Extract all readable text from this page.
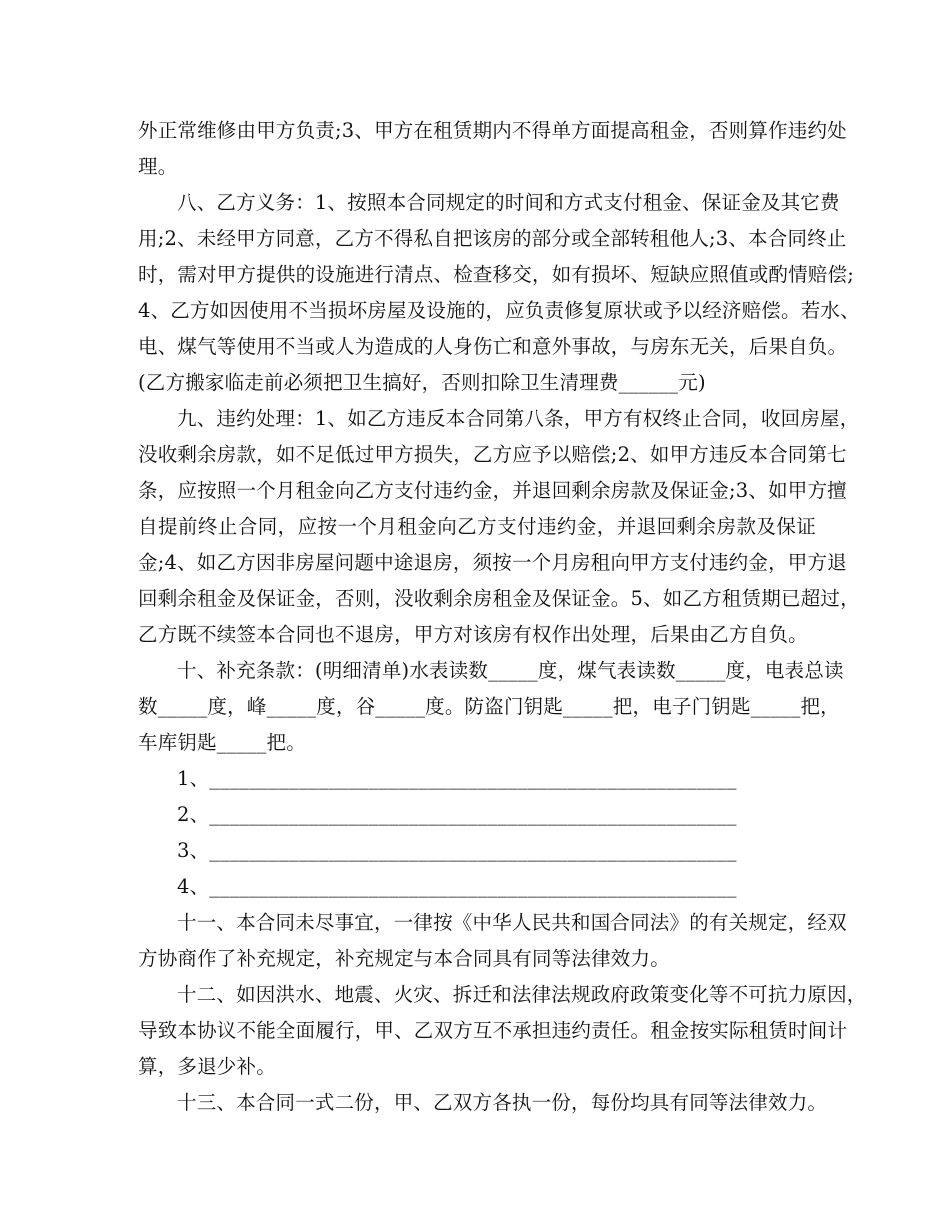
外正常维修由甲方负责;3、甲方在租赁期内不得单方面提高租金，否则算作违约处
理。
八、乙方义务：1、按照本合同规定的时间和方式支付租金、保证金及其它费
用;2、未经甲方同意，乙方不得私自把该房的部分或全部转租他人;3、本合同终止
时，需对甲方提供的设施进行清点、检查移交，如有损坏、短缺应照值或酌情赔偿;
4、乙方如因使用不当损坏房屋及设施的，应负责修复原状或予以经济赔偿。若水、
电、煤气等使用不当或人为造成的人身伤亡和意外事故，与房东无关，后果自负。
(乙方搬家临走前必须把卫生搞好，否则扣除卫生清理费______元)
九、违约处理：1、如乙方违反本合同第八条，甲方有权终止合同，收回房屋，
没收剩余房款，如不足低过甲方损失，乙方应予以赔偿;2、如甲方违反本合同第七
条，应按照一个月租金向乙方支付违约金，并退回剩余房款及保证金;3、如甲方擅
自提前终止合同，应按一个月租金向乙方支付违约金，并退回剩余房款及保证
金;4、如乙方因非房屋问题中途退房，须按一个月房租向甲方支付违约金，甲方退
回剩余租金及保证金，否则，没收剩余房租金及保证金。5、如乙方租赁期已超过，
乙方既不续签本合同也不退房，甲方对该房有权作出处理，后果由乙方自负。
十、补充条款：(明细清单)水表读数_____度，煤气表读数_____度，电表总读
数_____度，峰_____度，谷_____度。防盗门钥匙_____把，电子门钥匙_____把，
车库钥匙_____把。
1、_____________________________________________________
2、_____________________________________________________
3、_____________________________________________________
4、_____________________________________________________
十一、本合同未尽事宜，一律按《中华人民共和国合同法》的有关规定，经双
方协商作了补充规定，补充规定与本合同具有同等法律效力。
十二、如因洪水、地震、火灾、拆迁和法律法规政府政策变化等不可抗力原因，
导致本协议不能全面履行，甲、乙双方互不承担违约责任。租金按实际租赁时间计
算，多退少补。
十三、本合同一式二份，甲、乙双方各执一份，每份均具有同等法律效力。
